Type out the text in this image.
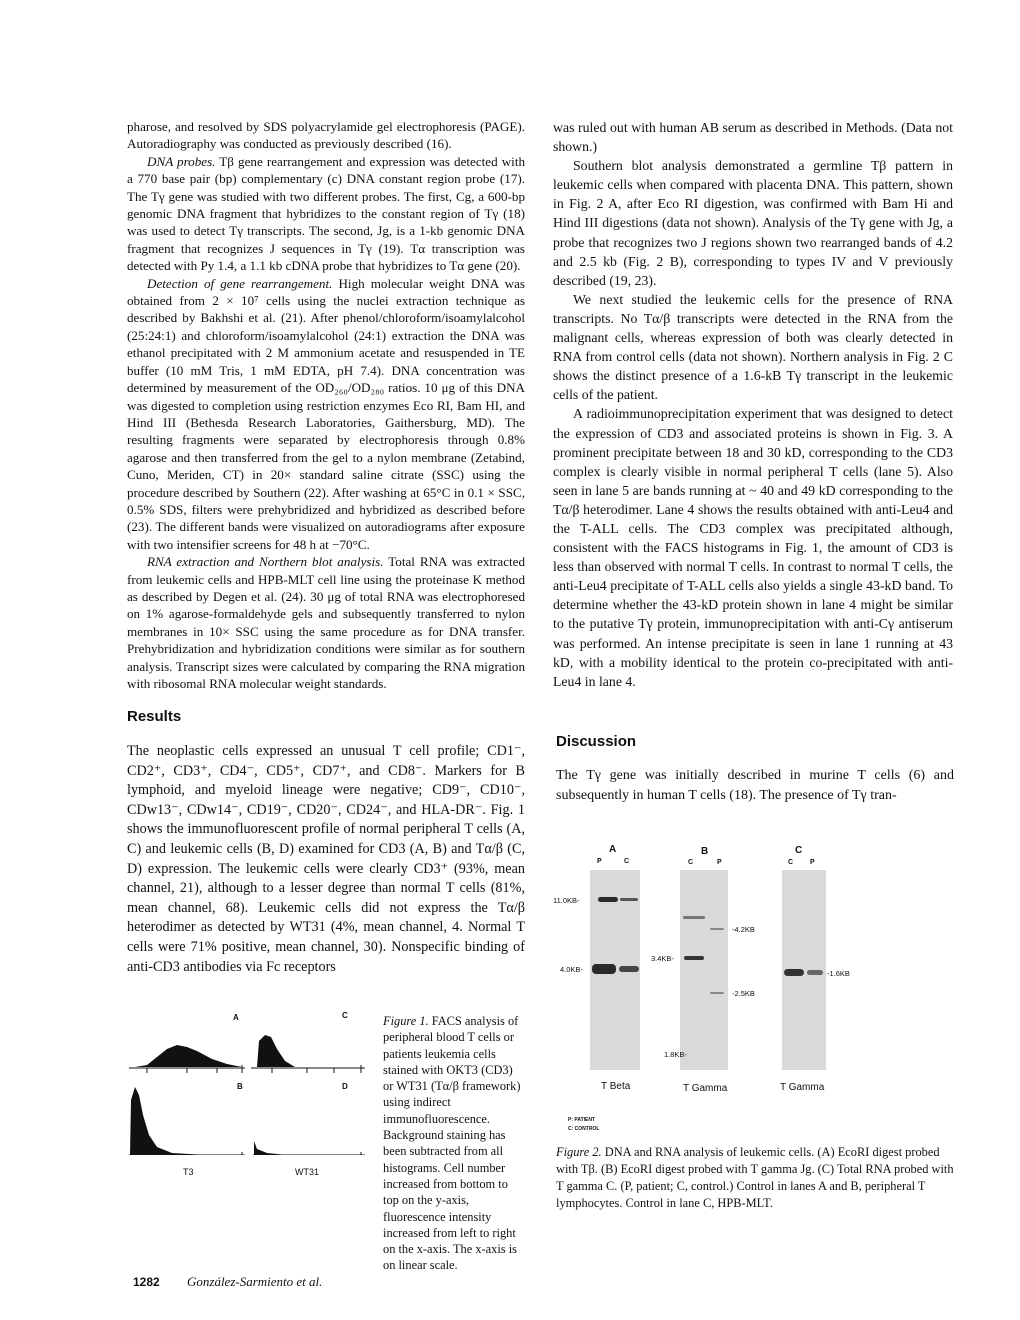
pharose, and resolved by SDS polyacrylamide gel electrophoresis (PAGE). Autoradiography was conducted as previously described (16).

DNA probes. Tβ gene rearrangement and expression was detected with a 770 base pair (bp) complementary (c) DNA constant region probe (17). The Tγ gene was studied with two different probes. The first, Cg, a 600-bp genomic DNA fragment that hybridizes to the constant region of Tγ (18) was used to detect Tγ transcripts. The second, Jg, is a 1-kb genomic DNA fragment that recognizes J sequences in Tγ (19). Tα transcription was detected with Py 1.4, a 1.1 kb cDNA probe that hybridizes to Tα gene (20).

Detection of gene rearrangement. High molecular weight DNA was obtained from 2 × 10⁷ cells using the nuclei extraction technique as described by Bakhshi et al. (21). After phenol/chloroform/isoamylalcohol (25:24:1) and chloroform/isoamylalcohol (24:1) extraction the DNA was ethanol precipitated with 2 M ammonium acetate and resuspended in TE buffer (10 mM Tris, 1 mM EDTA, pH 7.4). DNA concentration was determined by measurement of the OD₂₆₀/OD₂₈₀ ratios. 10 μg of this DNA was digested to completion using restriction enzymes Eco RI, Bam HI, and Hind III (Bethesda Research Laboratories, Gaithersburg, MD). The resulting fragments were separated by electrophoresis through 0.8% agarose and then transferred from the gel to a nylon membrane (Zetabind, Cuno, Meriden, CT) in 20× standard saline citrate (SSC) using the procedure described by Southern (22). After washing at 65°C in 0.1 × SSC, 0.5% SDS, filters were prehybridized and hybridized as described before (23). The different bands were visualized on autoradiograms after exposure with two intensifier screens for 48 h at −70°C.

RNA extraction and Northern blot analysis. Total RNA was extracted from leukemic cells and HPB-MLT cell line using the proteinase K method as described by Degen et al. (24). 30 μg of total RNA was electrophoresed on 1% agarose-formaldehyde gels and subsequently transferred to nylon membranes in 10× SSC using the same procedure as for DNA transfer. Prehybridization and hybridization conditions were similar as for southern analysis. Transcript sizes were calculated by comparing the RNA migration with ribosomal RNA molecular weight standards.

Results

The neoplastic cells expressed an unusual T cell profile; CD1⁻, CD2⁺, CD3⁺, CD4⁻, CD5⁺, CD7⁺, and CD8⁻. Markers for B lymphoid, and myeloid lineage were negative; CD9⁻, CD10⁻, CDw13⁻, CDw14⁻, CD19⁻, CD20⁻, CD24⁻, and HLA-DR⁻. Fig. 1 shows the immunofluorescent profile of normal peripheral T cells (A, C) and leukemic cells (B, D) examined for CD3 (A, B) and Tα/β (C, D) expression. The leukemic cells were clearly CD3⁺ (93%, mean channel, 21), although to a lesser degree than normal T cells (81%, mean channel, 68). Leukemic cells did not express the Tα/β heterodimer as detected by WT31 (4%, mean channel, 4. Normal T cells were 71% positive, mean channel, 30). Nonspecific binding of anti-CD3 antibodies via Fc receptors

A	C
B	D
T3	WT31

Figure 1. FACS analysis of peripheral blood T cells or patients leukemia cells stained with OKT3 (CD3) or WT31 (Tα/β framework) using indirect immunofluorescence. Background staining has been subtracted from all histograms. Cell number increased from bottom to top on the y-axis, fluorescence intensity increased from left to right on the x-axis. The x-axis is on linear scale.

was ruled out with human AB serum as described in Methods. (Data not shown.)

Southern blot analysis demonstrated a germline Tβ pattern in leukemic cells when compared with placenta DNA. This pattern, shown in Fig. 2 A, after Eco RI digestion, was confirmed with Bam Hi and Hind III digestions (data not shown). Analysis of the Tγ gene with Jg, a probe that recognizes two J regions shown two rearranged bands of 4.2 and 2.5 kb (Fig. 2 B), corresponding to types IV and V previously described (19, 23).

We next studied the leukemic cells for the presence of RNA transcripts. No Tα/β transcripts were detected in the RNA from the malignant cells, whereas expression of both was clearly detected in RNA from control cells (data not shown). Northern analysis in Fig. 2 C shows the distinct presence of a 1.6-kB Tγ transcript in the leukemic cells of the patient.

A radioimmunoprecipitation experiment that was designed to detect the expression of CD3 and associated proteins is shown in Fig. 3. A prominent precipitate between 18 and 30 kD, corresponding to the CD3 complex is clearly visible in normal peripheral T cells (lane 5). Also seen in lane 5 are bands running at ~ 40 and 49 kD corresponding to the Tα/β heterodimer. Lane 4 shows the results obtained with anti-Leu4 and the T-ALL cells. The CD3 complex was precipitated although, consistent with the FACS histograms in Fig. 1, the amount of CD3 is less than observed with normal T cells. In contrast to normal T cells, the anti-Leu4 precipitate of T-ALL cells also yields a single 43-kD band. To determine whether the 43-kD protein shown in lane 4 might be similar to the putative Tγ protein, immunoprecipitation with anti-Cγ antiserum was performed. An intense precipitate is seen in lane 1 running at 43 kD, with a mobility identical to the protein co-precipitated with anti-Leu4 in lane 4.

Discussion

The Tγ gene was initially described in murine T cells (6) and subsequently in human T cells (18). The presence of Tγ tran-

A
P	C
11.0KB-
4.0KB-
T Beta
B
C	P
-4.2KB
3.4KB-
-2.5KB
1.8KB-
T Gamma
C
C P
-1.6KB
T Gamma
P: PATIENT
C: CONTROL

Figure 2. DNA and RNA analysis of leukemic cells. (A) EcoRI digest probed with Tβ. (B) EcoRI digest probed with T gamma Jg. (C) Total RNA probed with T gamma C. (P, patient; C, control.) Control in lanes A and B, peripheral T lymphocytes. Control in lane C, HPB-MLT.

1282 González-Sarmiento et al.
